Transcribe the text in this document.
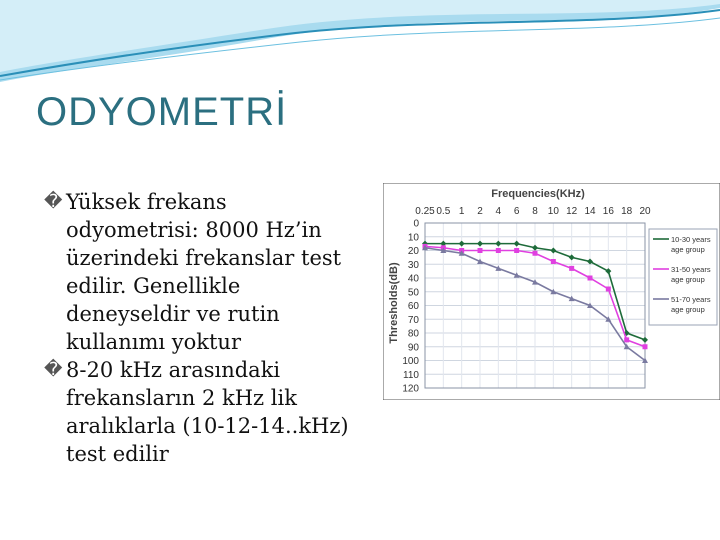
ODYOMETRİ

� Yüksek frekans odyometrisi: 8000 Hz’in üzerindeki frekanslar test edilir. Genellikle deneyseldir ve rutin kullanımı yoktur

� 8-20 kHz arasındaki frekansların 2 kHz lik aralıklarla (10-12-14..kHz) test edilir

Frequencies(KHz)
Thresholds(dB)
0.25 0.5 1 2 4 6 8 10 12 14 16 18 20
0
10
20
30
40
50
60
70
80
90
100
110
120
10-30 years
age group
31-50 years
age group
51-70 years
age group
